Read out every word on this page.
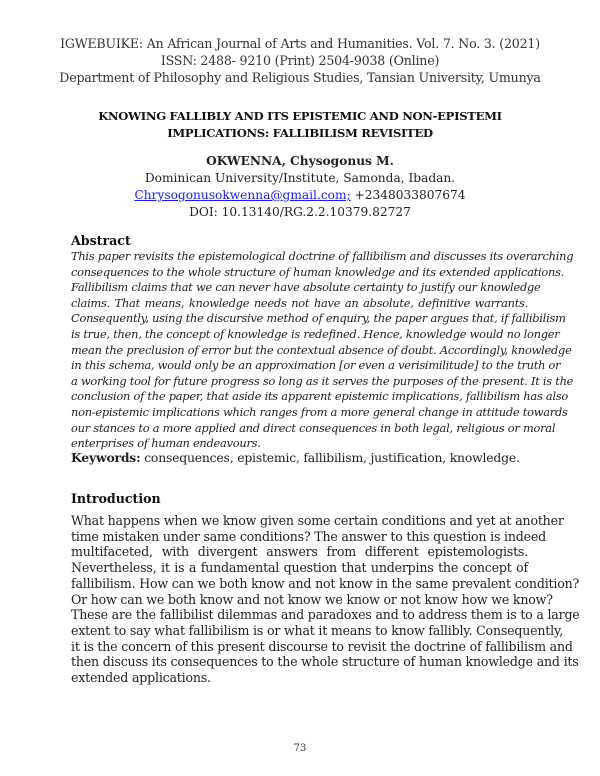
IGWEBUIKE: An African Journal of Arts and Humanities. Vol. 7. No. 3. (2021)
ISSN: 2488- 9210 (Print) 2504-9038 (Online)
Department of Philosophy and Religious Studies, Tansian University, Umunya
KNOWING FALLIBLY AND ITS EPISTEMIC AND NON-EPISTEMI
IMPLICATIONS: FALLIBILISM REVISITED
OKWENNA, Chysogonus M.
Dominican University/Institute, Samonda, Ibadan.
Chrysogonusokwenna@gmail.com; +2348033807674
DOI: 10.13140/RG.2.2.10379.82727
Abstract
This paper revisits the epistemological doctrine of fallibilism and discusses its overarching
consequences to the whole structure of human knowledge and its extended applications.
Fallibilism claims that we can never have absolute certainty to justify our knowledge
claims. That means, knowledge needs not have an absolute, definitive warrants.
Consequently, using the discursive method of enquiry, the paper argues that, if fallibilism
is true, then, the concept of knowledge is redefined. Hence, knowledge would no longer
mean the preclusion of error but the contextual absence of doubt. Accordingly, knowledge
in this schema, would only be an approximation [or even a verisimilitude] to the truth or
a working tool for future progress so long as it serves the purposes of the present. It is the
conclusion of the paper, that aside its apparent epistemic implications, fallibilism has also
non-epistemic implications which ranges from a more general change in attitude towards
our stances to a more applied and direct consequences in both legal, religious or moral
enterprises of human endeavours.
Keywords: consequences, epistemic, fallibilism, justification, knowledge.
Introduction
What happens when we know given some certain conditions and yet at another
time mistaken under same conditions? The answer to this question is indeed
multifaceted, with divergent answers from different epistemologists.
Nevertheless, it is a fundamental question that underpins the concept of
fallibilism. How can we both know and not know in the same prevalent condition?
Or how can we both know and not know we know or not know how we know?
These are the fallibilist dilemmas and paradoxes and to address them is to a large
extent to say what fallibilism is or what it means to know fallibly. Consequently,
it is the concern of this present discourse to revisit the doctrine of fallibilism and
then discuss its consequences to the whole structure of human knowledge and its
extended applications.
73
